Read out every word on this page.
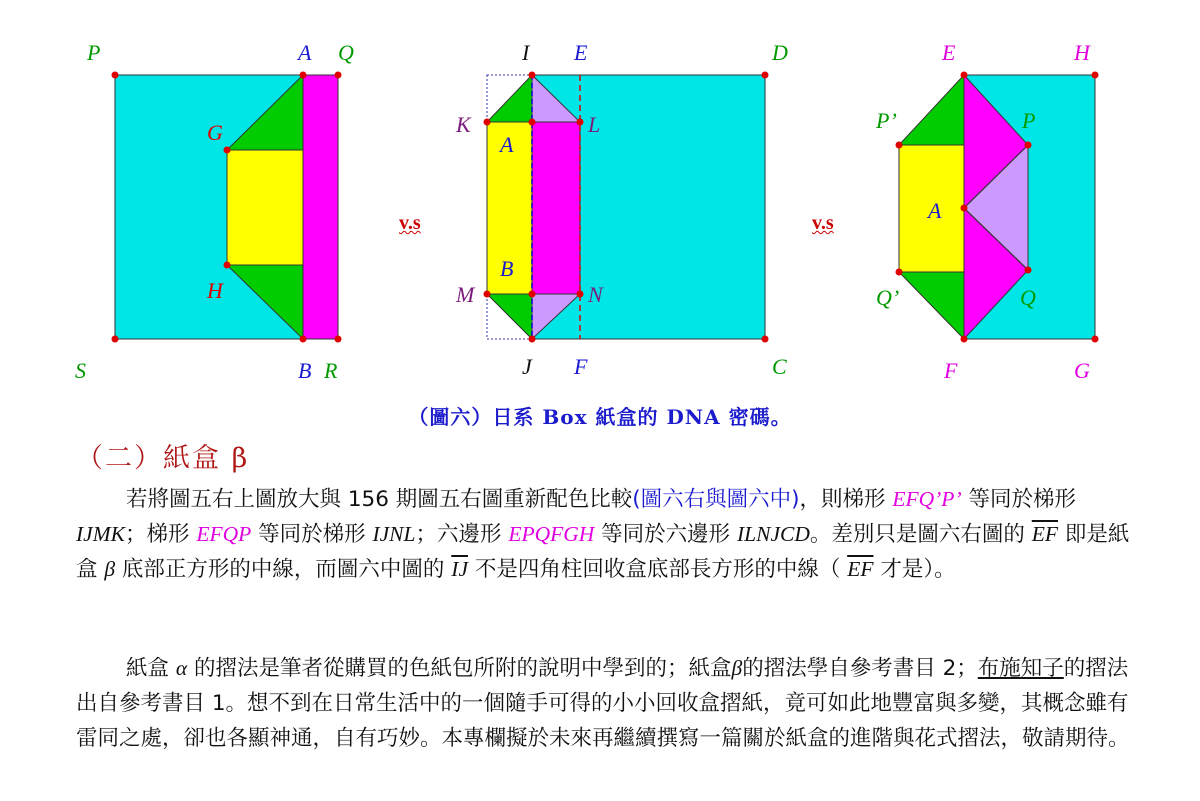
P	A Q
G
H
S	B R
I E	D
K
A
L
B
M	N
J F	C
E	H
P’	P
A
Q’	Q
F	G
v.s	v.s
（圖六）日系 Box 紙盒的 DNA 密碼。
（二）紙盒 β
若將圖五右上圖放大與 156 期圖五右圖重新配色比較(圖六右與圖六中)，則梯形 EFQ’P’ 等同於梯形 IJMK；梯形 EFQP 等同於梯形 IJNL；六邊形 EPQFGH 等同於六邊形 ILNJCD。差別只是圖六右圖的 $\overline{EF}$ 即是紙盒 β 底部正方形的中線，而圖六中圖的 $\overline{IJ}$ 不是四角柱回收盒底部長方形的中線（ $\overline{EF}$ 才是）。
紙盒 α 的摺法是筆者從購買的色紙包所附的說明中學到的；紙盒β的摺法學自參考書目 2；布施知子的摺法出自參考書目 1。想不到在日常生活中的一個隨手可得的小小回收盒摺紙，竟可如此地豐富與多變，其概念雖有雷同之處，卻也各顯神通，自有巧妙。本專欄擬於未來再繼續撰寫一篇關於紙盒的進階與花式摺法，敬請期待。
